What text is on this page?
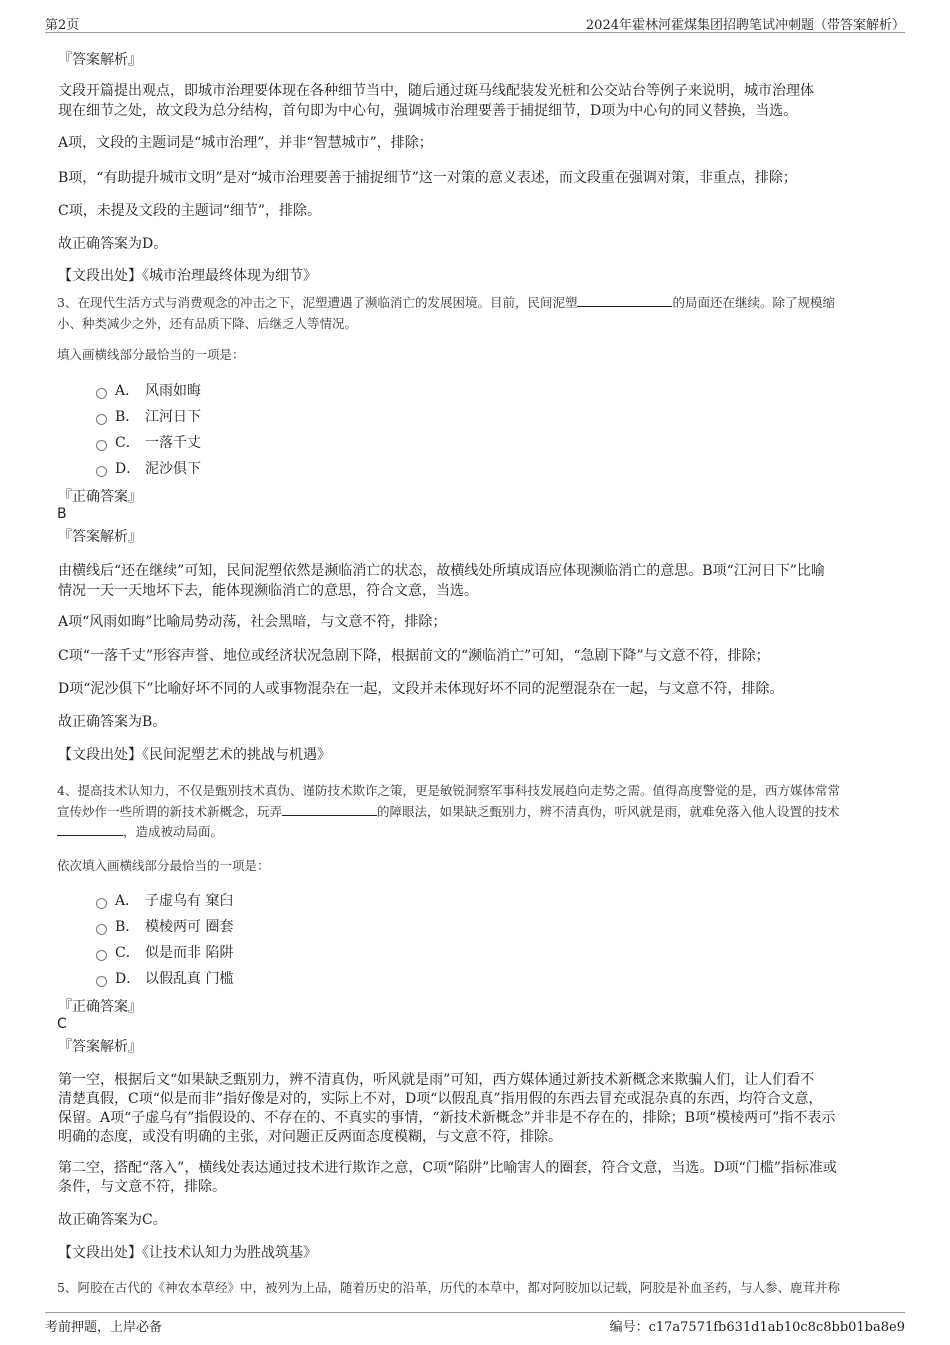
第2页	2024年霍林河霍煤集团招聘笔试冲刺题（带答案解析）
『答案解析』
文段开篇提出观点，即城市治理要体现在各种细节当中，随后通过斑马线配装发光桩和公交站台等例子来说明，城市治理体
现在细节之处，故文段为总分结构，首句即为中心句，强调城市治理要善于捕捉细节，D项为中心句的同义替换，当选。
A项，文段的主题词是“城市治理”，并非“智慧城市”，排除；
B项，“有助提升城市文明”是对“城市治理要善于捕捉细节”这一对策的意义表述，而文段重在强调对策，非重点，排除；
C项，未提及文段的主题词“细节”，排除。
故正确答案为D。
【文段出处】《城市治理最终体现为细节》
3、在现代生活方式与消费观念的冲击之下，泥塑遭遇了濒临消亡的发展困境。目前，民间泥塑	的局面还在继续。除了规模缩
小、种类减少之外，还有品质下降、后继乏人等情况。
填入画横线部分最恰当的一项是：
A． 风雨如晦
B． 江河日下
C． 一落千丈
D． 泥沙俱下
『正确答案』
B
『答案解析』
由横线后“还在继续”可知，民间泥塑依然是濒临消亡的状态，故横线处所填成语应体现濒临消亡的意思。B项“江河日下”比喻
情况一天一天地坏下去，能体现濒临消亡的意思，符合文意，当选。
A项“风雨如晦”比喻局势动荡，社会黑暗，与文意不符，排除；
C项“一落千丈”形容声誉、地位或经济状况急剧下降，根据前文的“濒临消亡”可知，“急剧下降”与文意不符，排除；
D项“泥沙俱下”比喻好坏不同的人或事物混杂在一起，文段并未体现好坏不同的泥塑混杂在一起，与文意不符，排除。
故正确答案为B。
【文段出处】《民间泥塑艺术的挑战与机遇》
4、提高技术认知力，不仅是甄别技术真伪、谨防技术欺诈之策，更是敏锐洞察军事科技发展趋向走势之需。值得高度警觉的是，西方媒体常常
宣传炒作一些所谓的新技术新概念，玩弄	的障眼法，如果缺乏甄别力，辨不清真伪，听风就是雨，就难免落入他人设置的技术
，造成被动局面。
依次填入画横线部分最恰当的一项是：
A． 子虚乌有 窠臼
B． 模棱两可 圈套
C． 似是而非 陷阱
D． 以假乱真 门槛
『正确答案』
C
『答案解析』
第一空，根据后文“如果缺乏甄别力，辨不清真伪，听风就是雨”可知，西方媒体通过新技术新概念来欺骗人们，让人们看不
清楚真假，C项“似是而非”指好像是对的，实际上不对，D项“以假乱真”指用假的东西去冒充或混杂真的东西，均符合文意，
保留。A项“子虚乌有”指假设的、不存在的、不真实的事情，“新技术新概念”并非是不存在的，排除；B项“模棱两可”指不表示
明确的态度，或没有明确的主张，对问题正反两面态度模糊，与文意不符，排除。
第二空，搭配“落入”，横线处表达通过技术进行欺诈之意，C项“陷阱”比喻害人的圈套，符合文意，当选。D项“门槛”指标准或
条件，与文意不符，排除。
故正确答案为C。
【文段出处】《让技术认知力为胜战筑基》
5、阿胶在古代的《神农本草经》中，被列为上品，随着历史的沿革，历代的本草中，都对阿胶加以记载，阿胶是补血圣药，与人参、鹿茸并称
考前押题，上岸必备	编号：c17a7571fb631d1ab10c8c8bb01ba8e9
